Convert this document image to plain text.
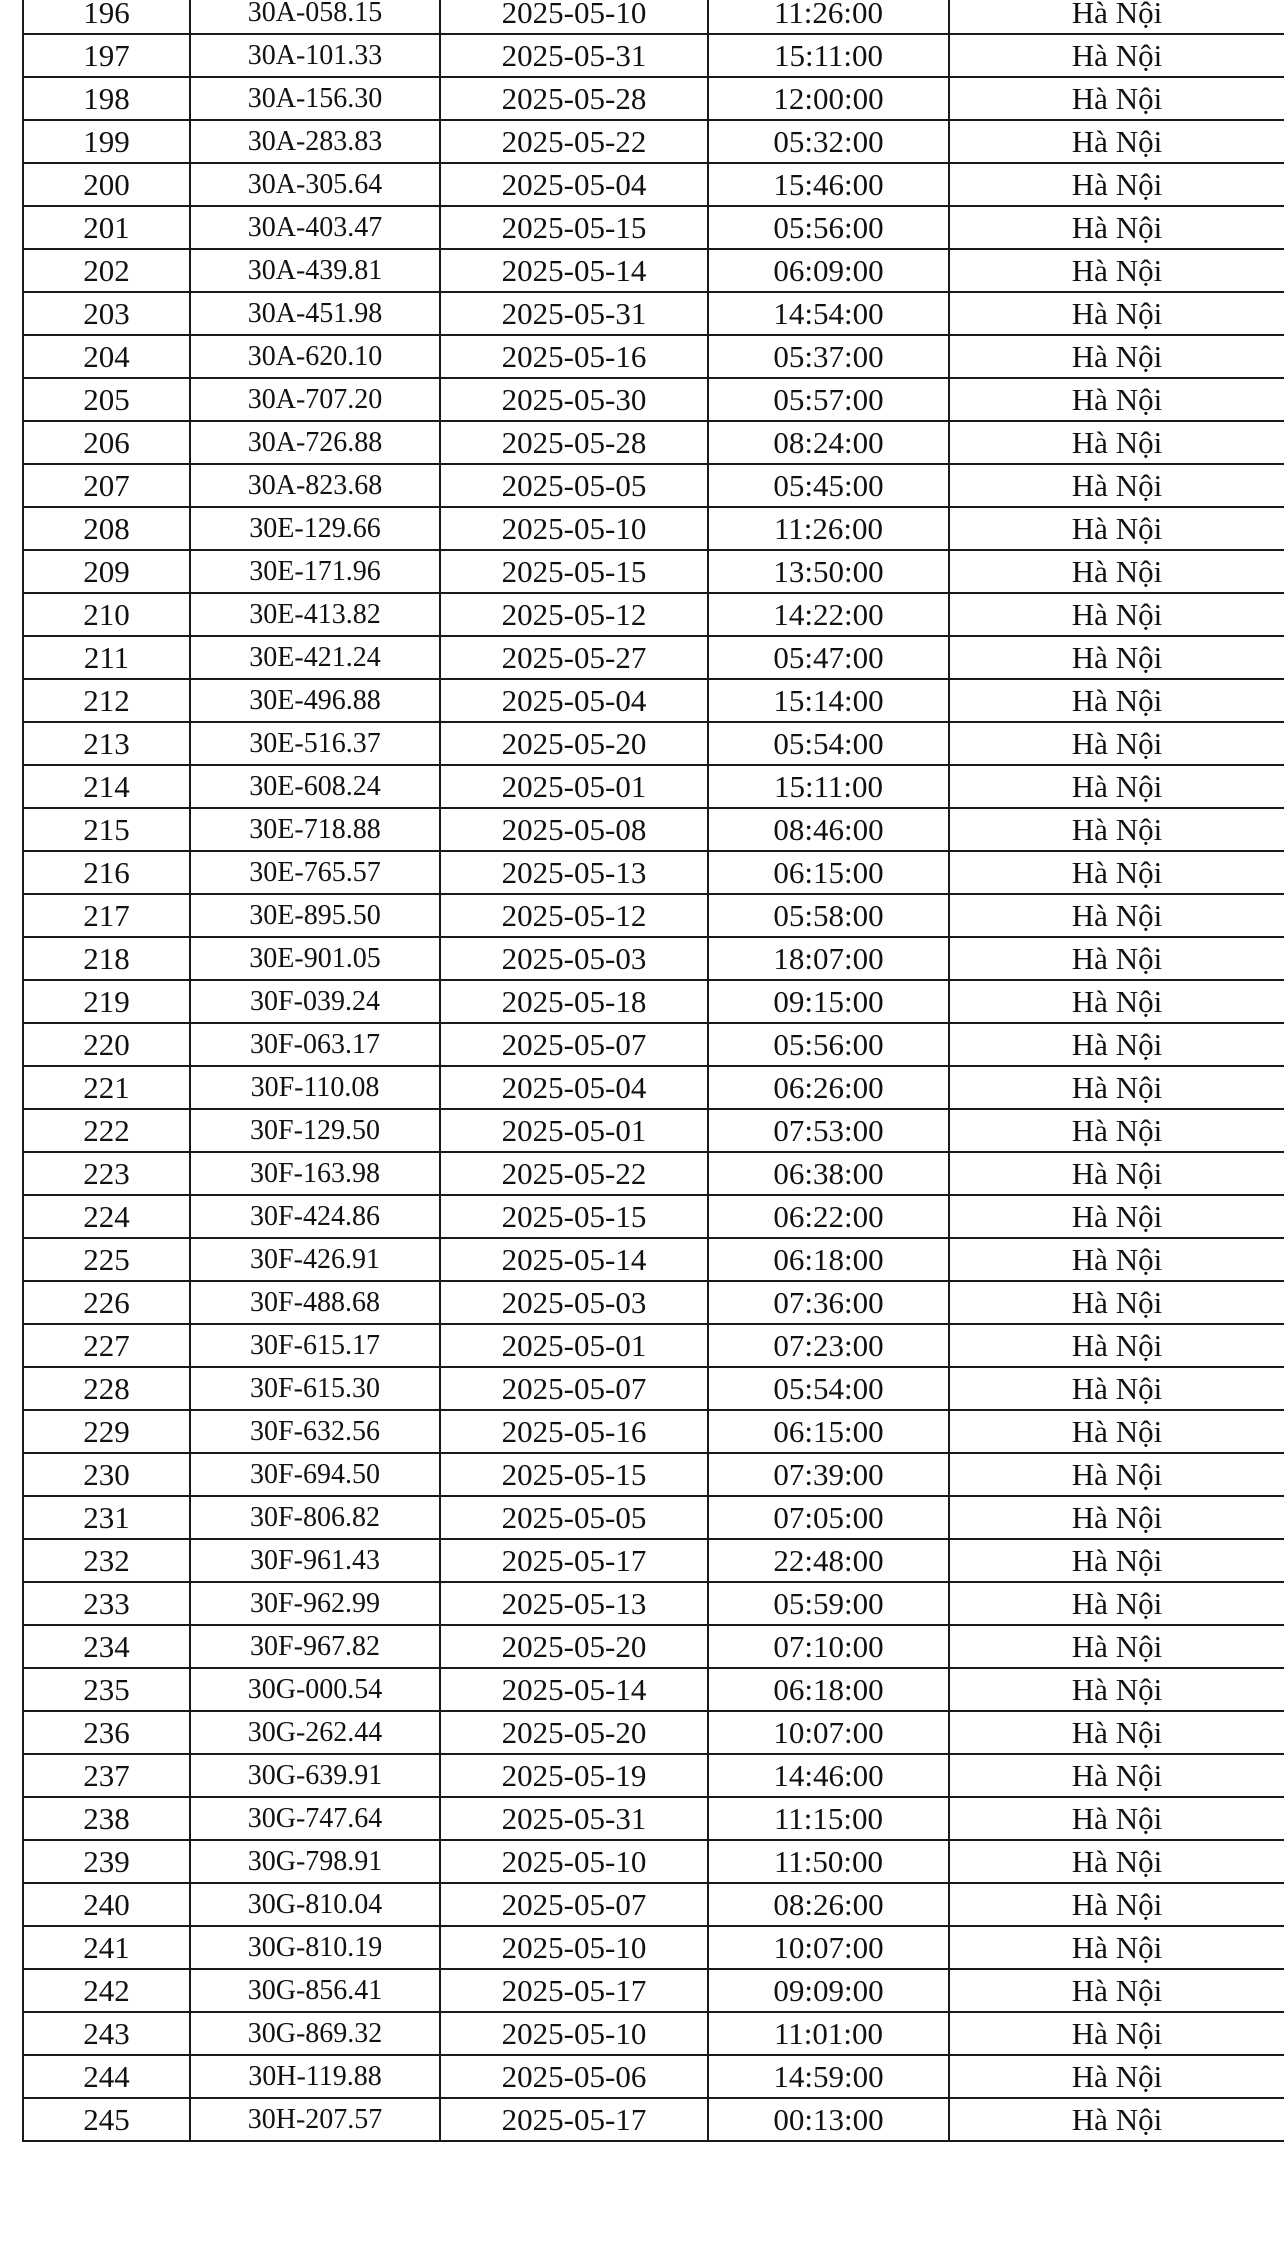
196	30A-058.15	2025-05-10	11:26:00	Hà Nội
197	30A-101.33	2025-05-31	15:11:00	Hà Nội
198	30A-156.30	2025-05-28	12:00:00	Hà Nội
199	30A-283.83	2025-05-22	05:32:00	Hà Nội
200	30A-305.64	2025-05-04	15:46:00	Hà Nội
201	30A-403.47	2025-05-15	05:56:00	Hà Nội
202	30A-439.81	2025-05-14	06:09:00	Hà Nội
203	30A-451.98	2025-05-31	14:54:00	Hà Nội
204	30A-620.10	2025-05-16	05:37:00	Hà Nội
205	30A-707.20	2025-05-30	05:57:00	Hà Nội
206	30A-726.88	2025-05-28	08:24:00	Hà Nội
207	30A-823.68	2025-05-05	05:45:00	Hà Nội
208	30E-129.66	2025-05-10	11:26:00	Hà Nội
209	30E-171.96	2025-05-15	13:50:00	Hà Nội
210	30E-413.82	2025-05-12	14:22:00	Hà Nội
211	30E-421.24	2025-05-27	05:47:00	Hà Nội
212	30E-496.88	2025-05-04	15:14:00	Hà Nội
213	30E-516.37	2025-05-20	05:54:00	Hà Nội
214	30E-608.24	2025-05-01	15:11:00	Hà Nội
215	30E-718.88	2025-05-08	08:46:00	Hà Nội
216	30E-765.57	2025-05-13	06:15:00	Hà Nội
217	30E-895.50	2025-05-12	05:58:00	Hà Nội
218	30E-901.05	2025-05-03	18:07:00	Hà Nội
219	30F-039.24	2025-05-18	09:15:00	Hà Nội
220	30F-063.17	2025-05-07	05:56:00	Hà Nội
221	30F-110.08	2025-05-04	06:26:00	Hà Nội
222	30F-129.50	2025-05-01	07:53:00	Hà Nội
223	30F-163.98	2025-05-22	06:38:00	Hà Nội
224	30F-424.86	2025-05-15	06:22:00	Hà Nội
225	30F-426.91	2025-05-14	06:18:00	Hà Nội
226	30F-488.68	2025-05-03	07:36:00	Hà Nội
227	30F-615.17	2025-05-01	07:23:00	Hà Nội
228	30F-615.30	2025-05-07	05:54:00	Hà Nội
229	30F-632.56	2025-05-16	06:15:00	Hà Nội
230	30F-694.50	2025-05-15	07:39:00	Hà Nội
231	30F-806.82	2025-05-05	07:05:00	Hà Nội
232	30F-961.43	2025-05-17	22:48:00	Hà Nội
233	30F-962.99	2025-05-13	05:59:00	Hà Nội
234	30F-967.82	2025-05-20	07:10:00	Hà Nội
235	30G-000.54	2025-05-14	06:18:00	Hà Nội
236	30G-262.44	2025-05-20	10:07:00	Hà Nội
237	30G-639.91	2025-05-19	14:46:00	Hà Nội
238	30G-747.64	2025-05-31	11:15:00	Hà Nội
239	30G-798.91	2025-05-10	11:50:00	Hà Nội
240	30G-810.04	2025-05-07	08:26:00	Hà Nội
241	30G-810.19	2025-05-10	10:07:00	Hà Nội
242	30G-856.41	2025-05-17	09:09:00	Hà Nội
243	30G-869.32	2025-05-10	11:01:00	Hà Nội
244	30H-119.88	2025-05-06	14:59:00	Hà Nội
245	30H-207.57	2025-05-17	00:13:00	Hà Nội
